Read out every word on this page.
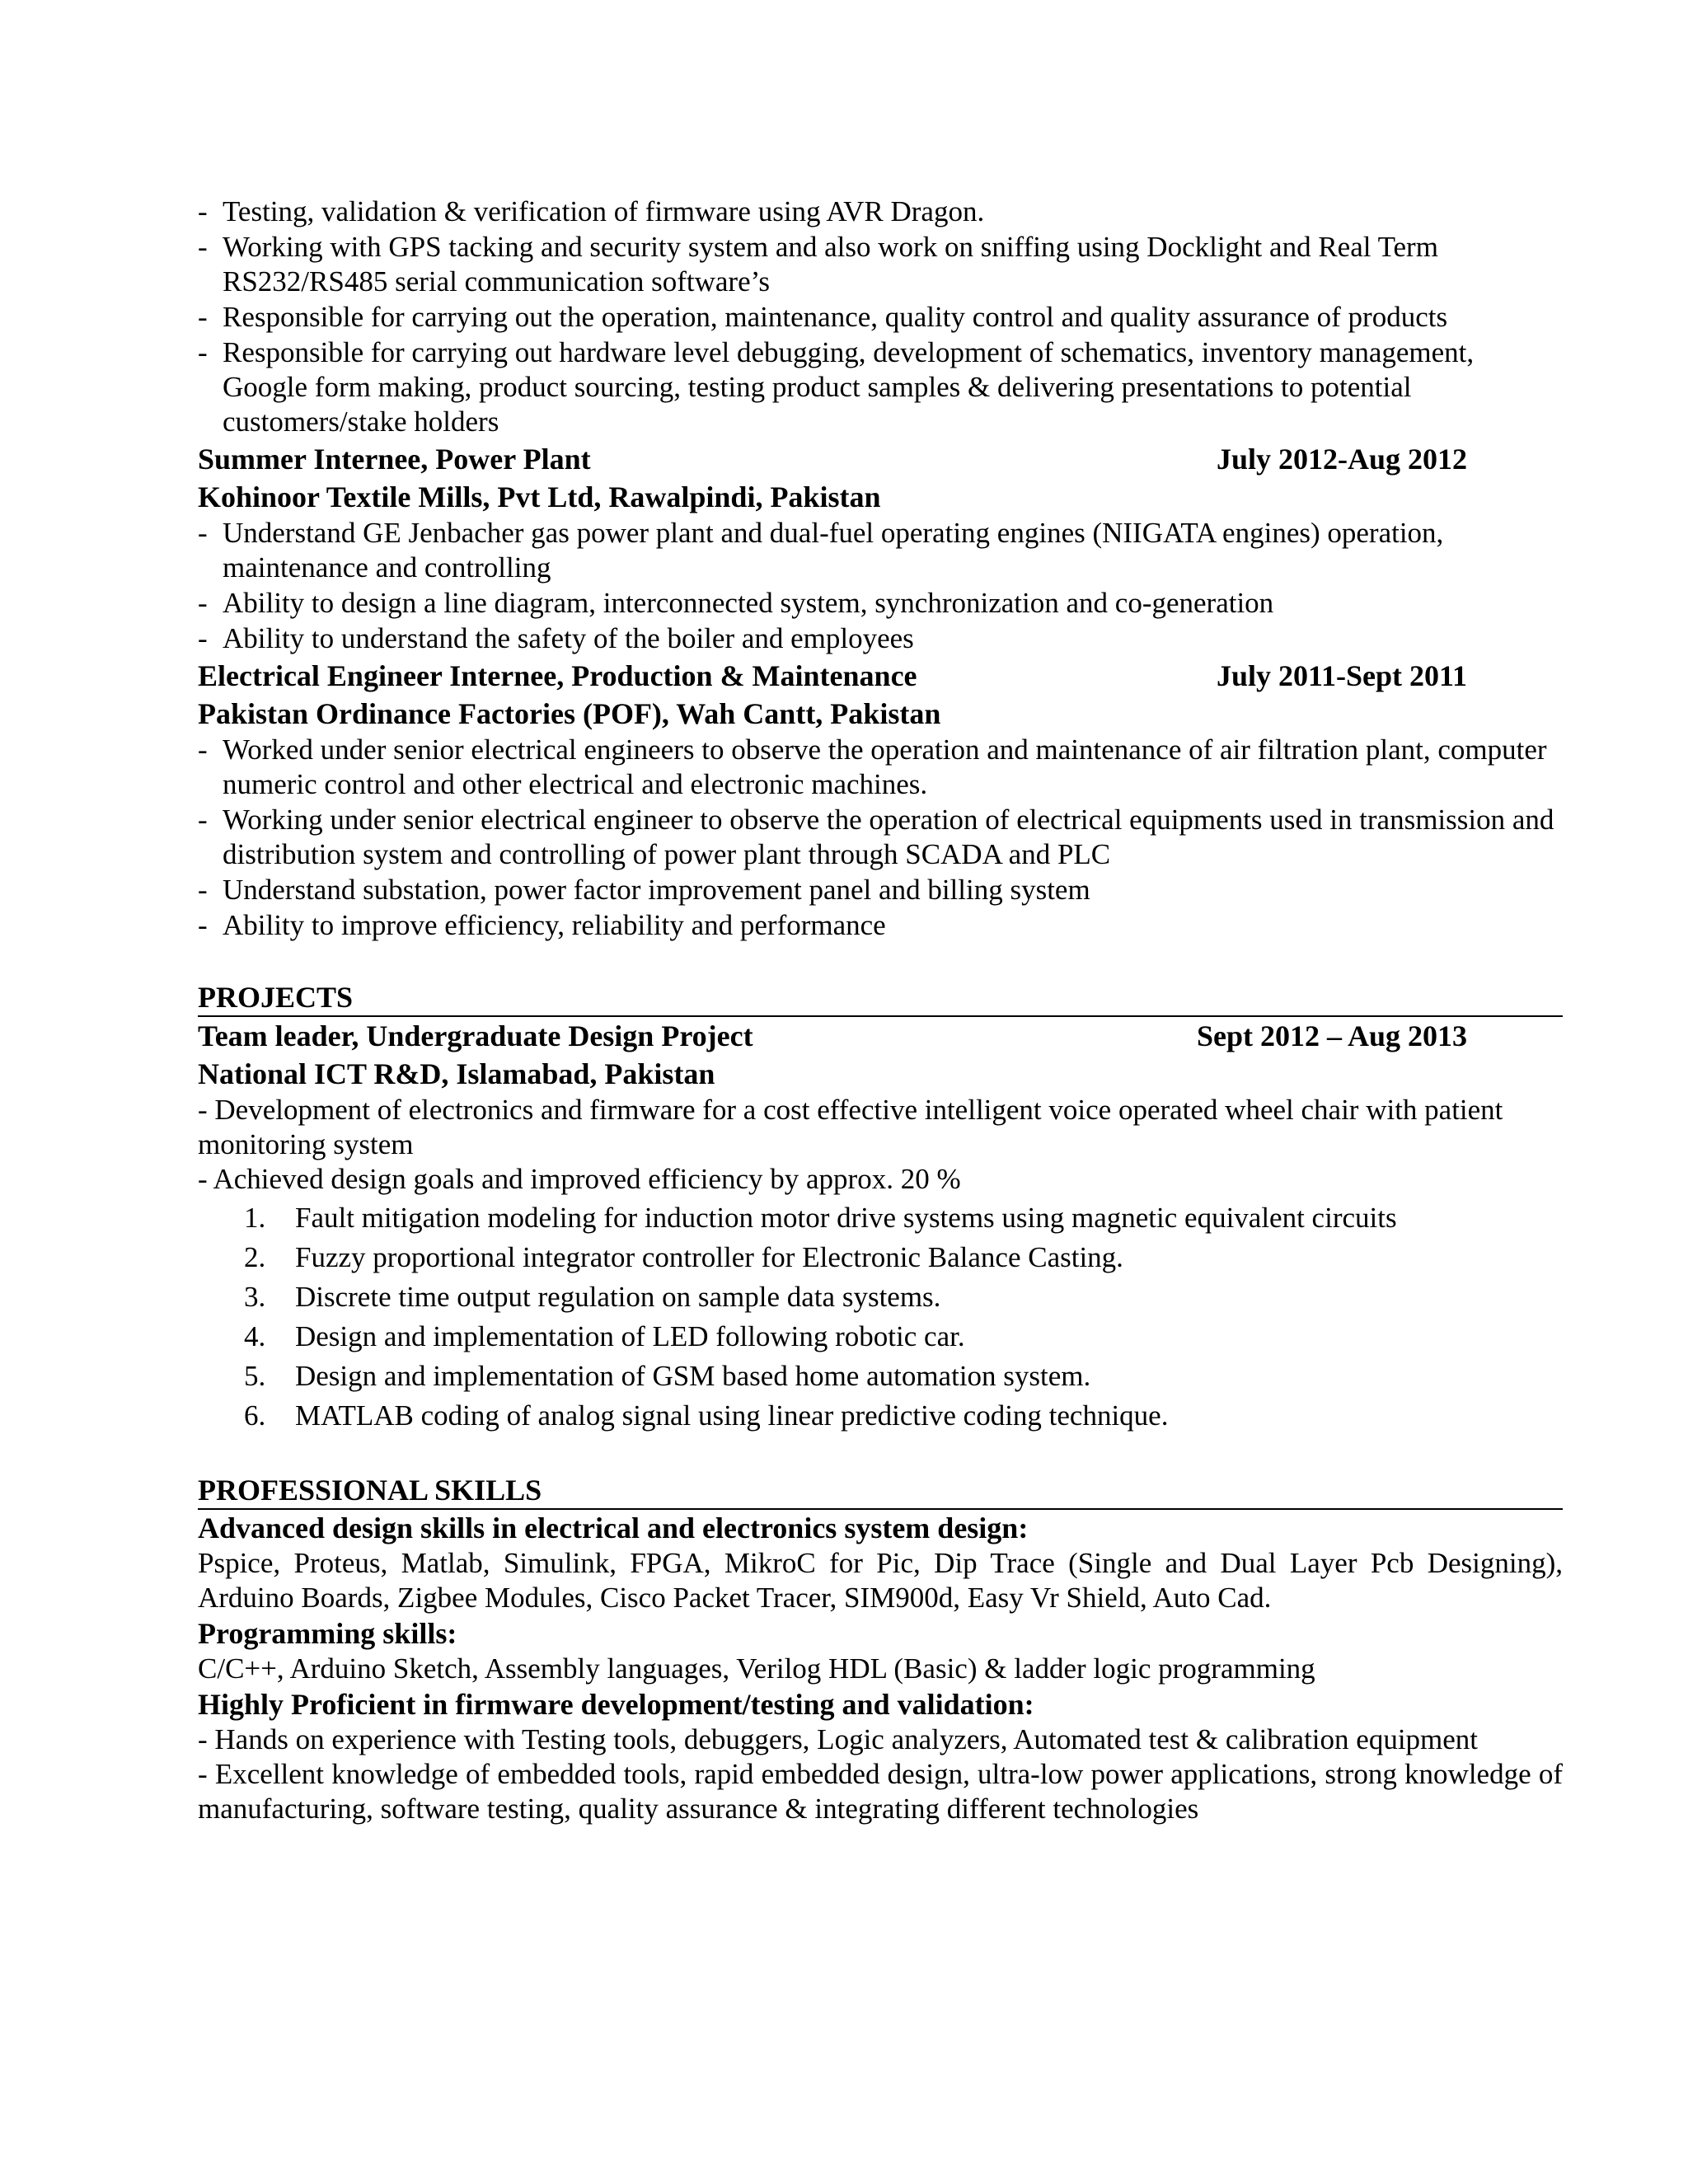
- Testing, validation & verification of firmware using AVR Dragon.
- Working with GPS tacking and security system and also work on sniffing using Docklight and Real Term RS232/RS485 serial communication software’s
- Responsible for carrying out the operation, maintenance, quality control and quality assurance of products
- Responsible for carrying out hardware level debugging, development of schematics, inventory management, Google form making, product sourcing, testing product samples & delivering presentations to potential customers/stake holders
Summer Internee, Power Plant	July 2012-Aug 2012
Kohinoor Textile Mills, Pvt Ltd, Rawalpindi, Pakistan
- Understand GE Jenbacher gas power plant and dual-fuel operating engines (NIIGATA engines) operation, maintenance and controlling
- Ability to design a line diagram, interconnected system, synchronization and co-generation
- Ability to understand the safety of the boiler and employees
Electrical Engineer Internee, Production & Maintenance	July 2011-Sept 2011
Pakistan Ordinance Factories (POF), Wah Cantt, Pakistan
- Worked under senior electrical engineers to observe the operation and maintenance of air filtration plant, computer numeric control and other electrical and electronic machines.
- Working under senior electrical engineer to observe the operation of electrical equipments used in transmission and distribution system and controlling of power plant through SCADA and PLC
- Understand substation, power factor improvement panel and billing system
- Ability to improve efficiency, reliability and performance
PROJECTS
Team leader, Undergraduate Design Project	Sept 2012 – Aug 2013
National ICT R&D, Islamabad, Pakistan

- Development of electronics and firmware for a cost effective intelligent voice operated wheel chair with patient monitoring system

- Achieved design goals and improved efficiency by approx. 20 %

1. Fault mitigation modeling for induction motor drive systems using magnetic equivalent circuits
2. Fuzzy proportional integrator controller for Electronic Balance Casting.
3. Discrete time output regulation on sample data systems.
4. Design and implementation of LED following robotic car.
5. Design and implementation of GSM based home automation system.
6. MATLAB coding of analog signal using linear predictive coding technique.
PROFESSIONAL SKILLS
Advanced design skills in electrical and electronics system design:

Pspice, Proteus, Matlab, Simulink, FPGA, MikroC for Pic, Dip Trace (Single and Dual Layer Pcb Designing), Arduino Boards, Zigbee Modules, Cisco Packet Tracer, SIM900d, Easy Vr Shield, Auto Cad.

Programming skills:

C/C++, Arduino Sketch, Assembly languages, Verilog HDL (Basic) & ladder logic programming

Highly Proficient in firmware development/testing and validation:

- Hands on experience with Testing tools, debuggers, Logic analyzers, Automated test & calibration equipment

- Excellent knowledge of embedded tools, rapid embedded design, ultra-low power applications, strong knowledge of manufacturing, software testing, quality assurance & integrating different technologies
